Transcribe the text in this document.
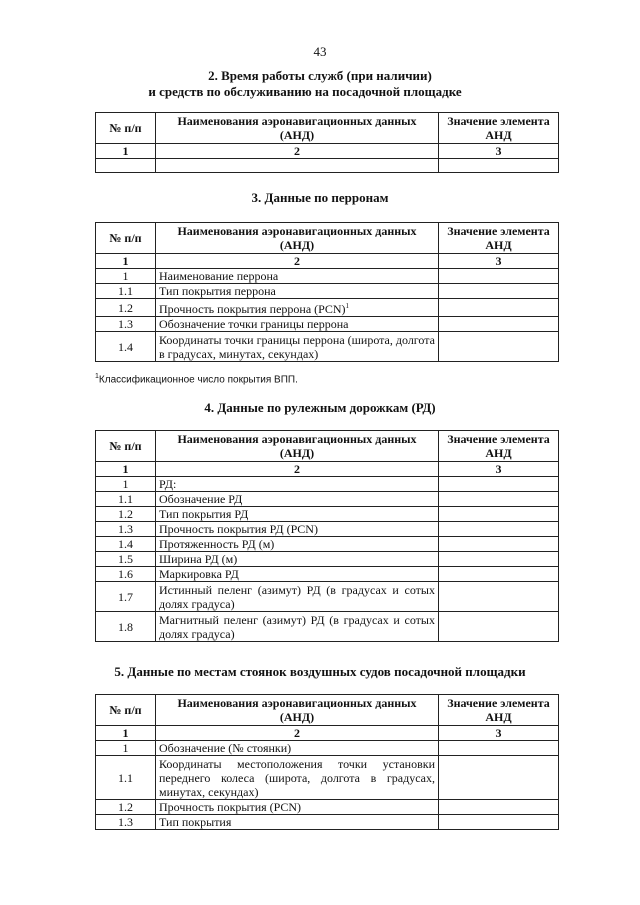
43
2. Время работы служб (при наличии)
и средств по обслуживанию на посадочной площадке
№ п/п	Наименования аэронавигационных данных (АНД)	Значение элемента АНД
1	2	3

3. Данные по перронам
№ п/п	Наименования аэронавигационных данных (АНД)	Значение элемента АНД
1	2	3
1	Наименование перрона	
1.1	Тип покрытия перрона	
1.2	Прочность покрытия перрона (PCN)$^1$	
1.3	Обозначение точки границы перрона	
1.4	Координаты точки границы перрона (широта, долгота в градусах, минутах, секундах)	
$^1$Классификационное число покрытия ВПП.
4. Данные по рулежным дорожкам (РД)
№ п/п	Наименования аэронавигационных данных (АНД)	Значение элемента АНД
1	2	3
1	РД:	
1.1	Обозначение РД	
1.2	Тип покрытия РД	
1.3	Прочность покрытия РД (PCN)	
1.4	Протяженность РД (м)	
1.5	Ширина РД (м)	
1.6	Маркировка РД	
1.7	Истинный пеленг (азимут) РД (в градусах и сотых долях градуса)	
1.8	Магнитный пеленг (азимут) РД (в градусах и сотых долях градуса)	
5. Данные по местам стоянок воздушных судов посадочной площадки
№ п/п	Наименования аэронавигационных данных (АНД)	Значение элемента АНД
1	2	3
1	Обозначение (№ стоянки)	
1.1	Координаты местоположения точки установки переднего колеса (широта, долгота в градусах, минутах, секундах)	
1.2	Прочность покрытия (PCN)	
1.3	Тип покрытия	
